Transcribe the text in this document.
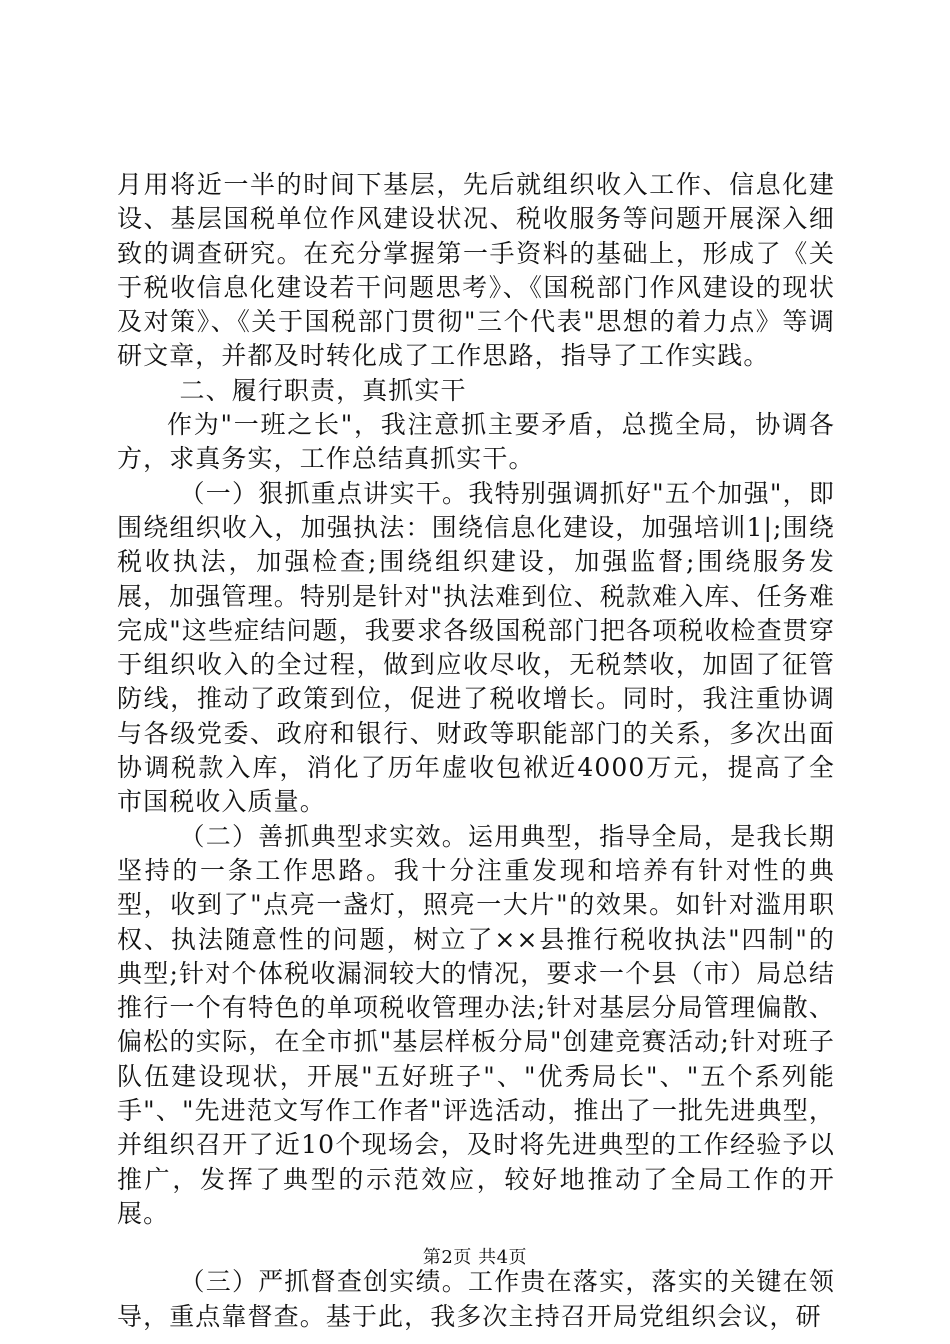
月用将近一半的时间下基层，先后就组织收入工作、信息化建设、基层国税单位作风建设状况、税收服务等问题开展深入细致的调查研究。在充分掌握第一手资料的基础上，形成了《关于税收信息化建设若干问题思考》、《国税部门作风建设的现状及对策》、《关于国税部门贯彻"三个代表"思想的着力点》等调研文章，并都及时转化成了工作思路，指导了工作实践。

二、履行职责，真抓实干

作为"一班之长"，我注意抓主要矛盾，总揽全局，协调各方，求真务实，工作总结真抓实干。

（一）狠抓重点讲实干。我特别强调抓好"五个加强"，即围绕组织收入，加强执法：围绕信息化建设，加强培训1|;围绕税收执法，加强检查;围绕组织建设，加强监督;围绕服务发展，加强管理。特别是针对"执法难到位、税款难入库、任务难完成"这些症结问题，我要求各级国税部门把各项税收检查贯穿于组织收入的全过程，做到应收尽收，无税禁收，加固了征管防线，推动了政策到位，促进了税收增长。同时，我注重协调与各级党委、政府和银行、财政等职能部门的关系，多次出面协调税款入库，消化了历年虚收包袱近4000万元，提高了全市国税收入质量。

（二）善抓典型求实效。运用典型，指导全局，是我长期坚持的一条工作思路。我十分注重发现和培养有针对性的典型，收到了"点亮一盏灯，照亮一大片"的效果。如针对滥用职权、执法随意性的问题，树立了××县推行税收执法"四制"的典型;针对个体税收漏洞较大的情况，要求一个县（市）局总结推行一个有特色的单项税收管理办法;针对基层分局管理偏散、偏松的实际，在全市抓"基层样板分局"创建竞赛活动;针对班子队伍建设现状，开展"五好班子"、"优秀局长"、"五个系列能手"、"先进范文写作工作者"评选活动，推出了一批先进典型，并组织召开了近10个现场会，及时将先进典型的工作经验予以推广，发挥了典型的示范效应，较好地推动了全局工作的开展。

（三）严抓督查创实绩。工作贵在落实，落实的关键在领导，重点靠督查。基于此，我多次主持召开局党组织会议，研

第2页 共4页
